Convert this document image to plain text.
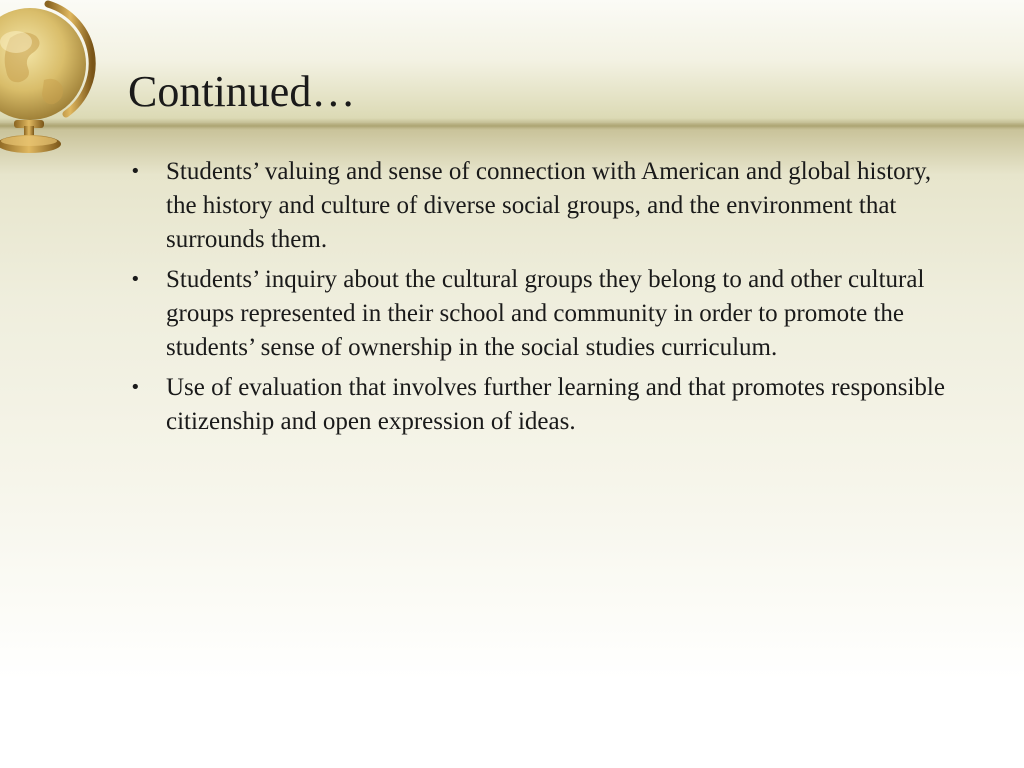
Continued…
•	Students’ valuing and sense of connection with American and global history, the history and culture of diverse social groups, and the environment that surrounds them.
•	Students’ inquiry about the cultural groups they belong to and other cultural groups represented in their school and community in order to promote the students’ sense of ownership in the social studies curriculum.
•	Use of evaluation that involves further learning and that promotes responsible citizenship and open expression of ideas.
